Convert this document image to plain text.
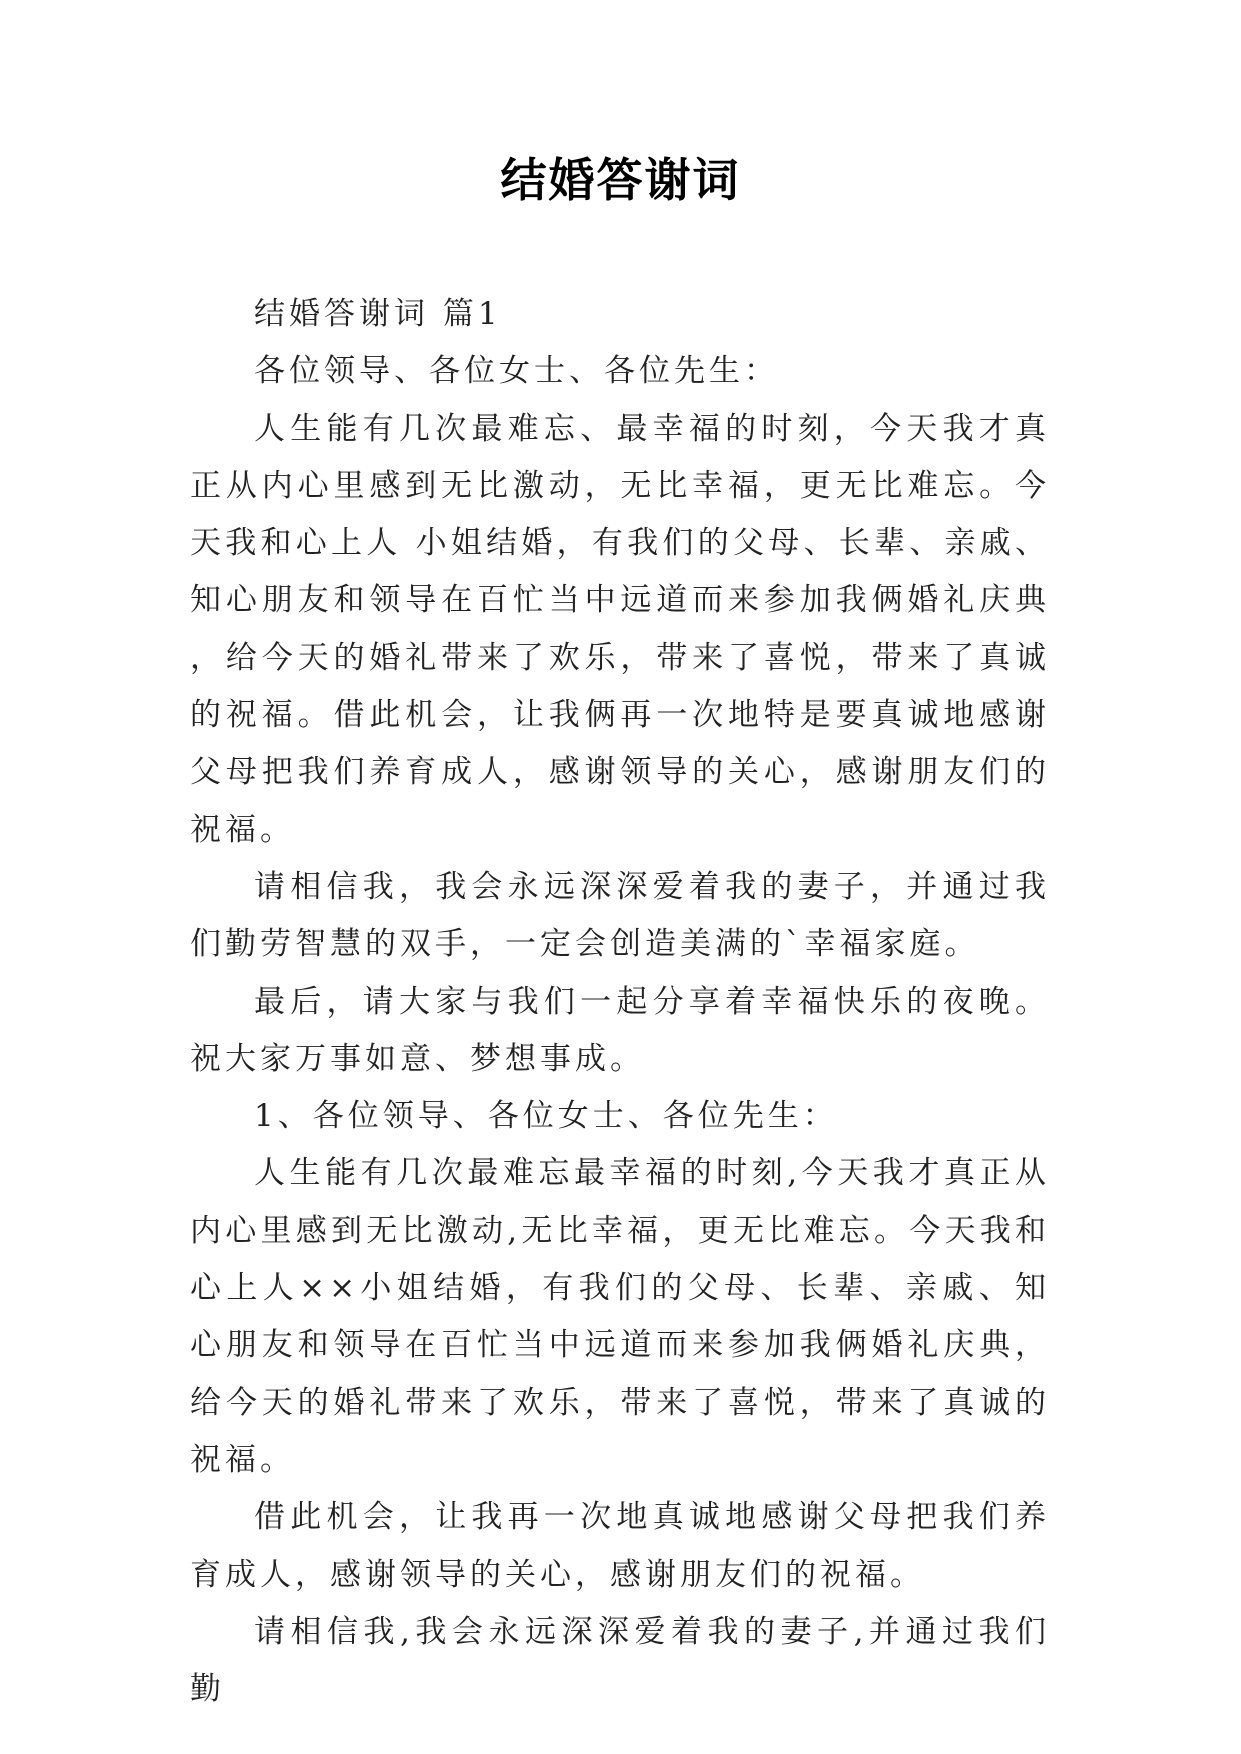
结婚答谢词

结婚答谢词 篇1

各位领导、各位女士、各位先生：

人生能有几次最难忘、最幸福的时刻，今天我才真正从内心里感到无比激动，无比幸福，更无比难忘。今天我和心上人 小姐结婚，有我们的父母、长辈、亲戚、知心朋友和领导在百忙当中远道而来参加我俩婚礼庆典，给今天的婚礼带来了欢乐，带来了喜悦，带来了真诚的祝福。借此机会，让我俩再一次地特是要真诚地感谢父母把我们养育成人，感谢领导的关心，感谢朋友们的祝福。

请相信我，我会永远深深爱着我的妻子，并通过我们勤劳智慧的双手，一定会创造美满的`幸福家庭。

最后，请大家与我们一起分享着幸福快乐的夜晚。祝大家万事如意、梦想事成。

1、各位领导、各位女士、各位先生：

人生能有几次最难忘最幸福的时刻,今天我才真正从内心里感到无比激动,无比幸福，更无比难忘。今天我和心上人××小姐结婚，有我们的父母、长辈、亲戚、知心朋友和领导在百忙当中远道而来参加我俩婚礼庆典，给今天的婚礼带来了欢乐，带来了喜悦，带来了真诚的祝福。

借此机会，让我再一次地真诚地感谢父母把我们养育成人，感谢领导的关心，感谢朋友们的祝福。

请相信我,我会永远深深爱着我的妻子,并通过我们勤
